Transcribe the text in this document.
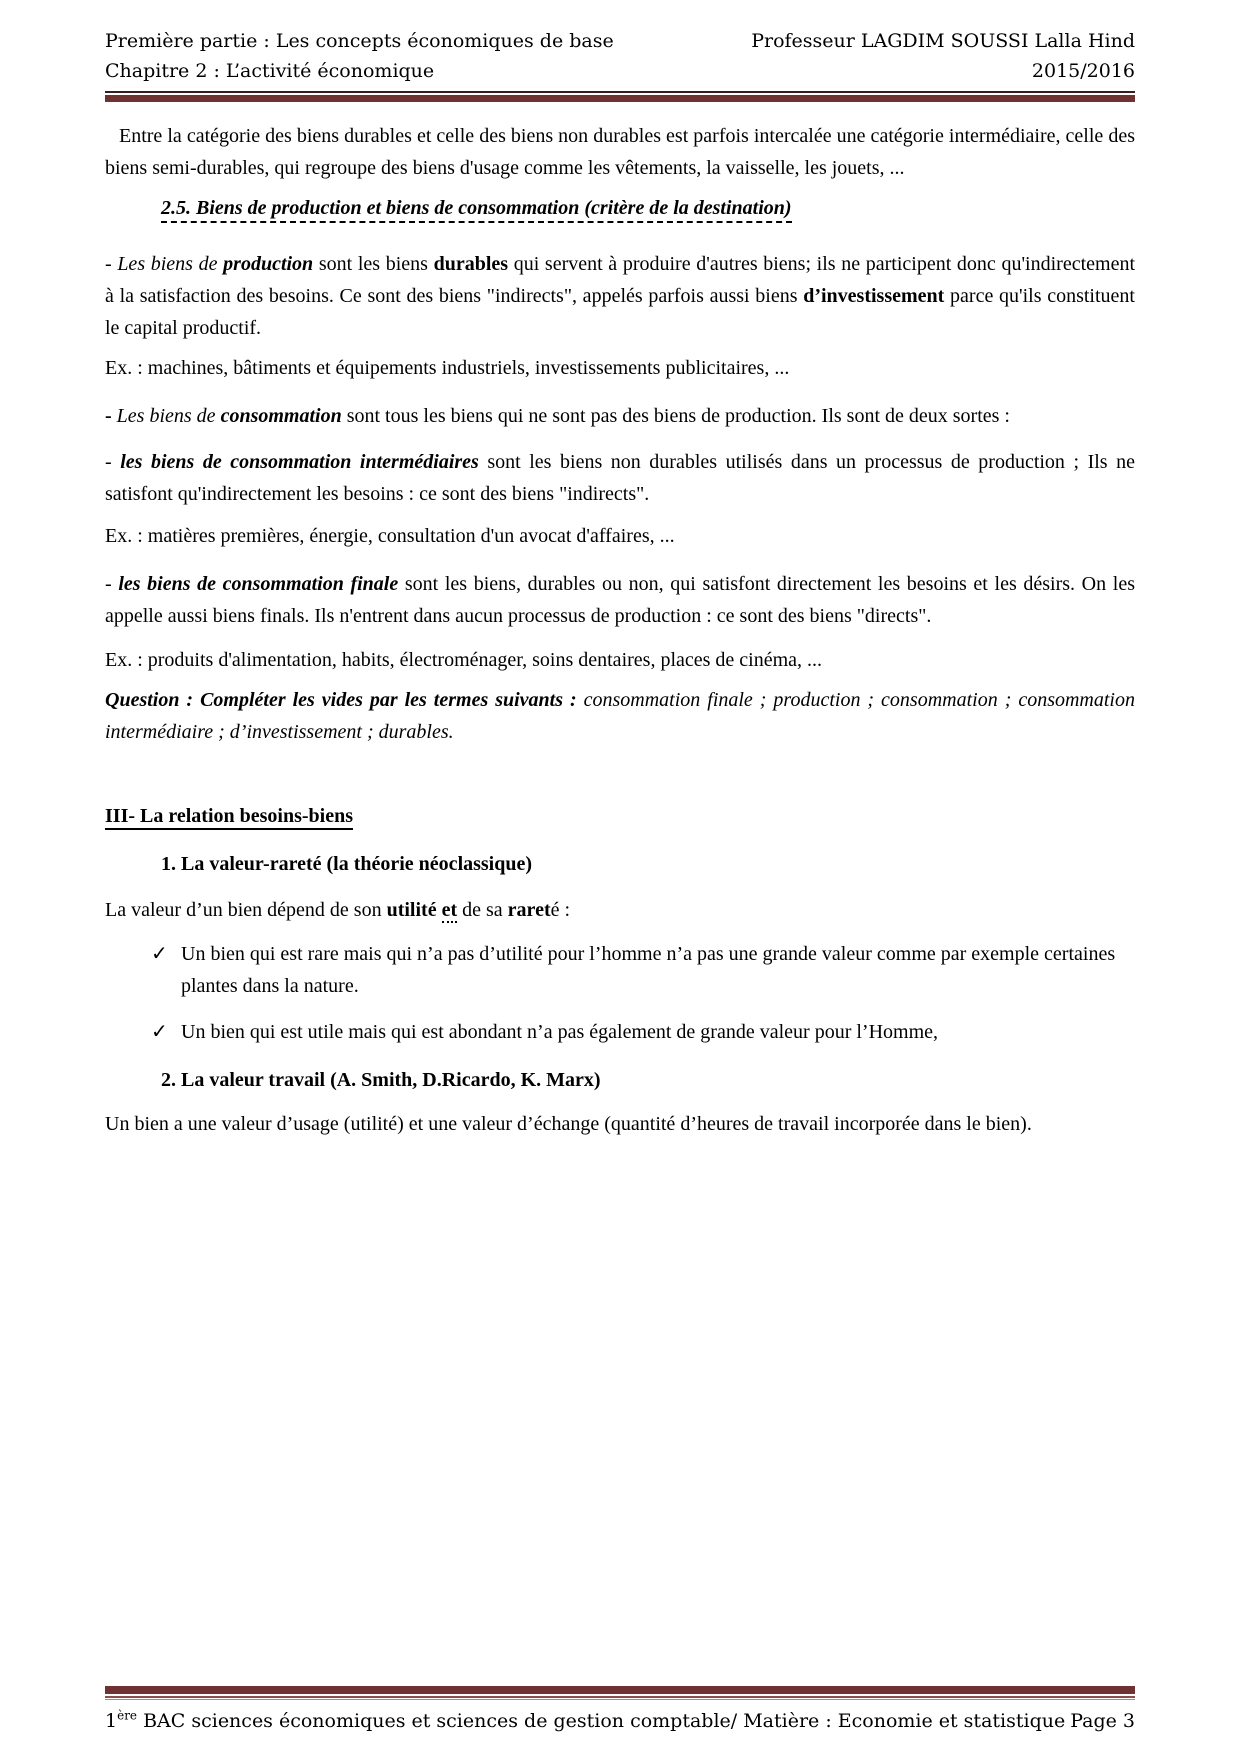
Première partie : Les concepts économiques de base
Chapitre 2 : L’activité économique
Professeur LAGDIM SOUSSI Lalla Hind
2015/2016

Entre la catégorie des biens durables et celle des biens non durables est parfois intercalée une catégorie intermédiaire, celle des biens semi-durables, qui regroupe des biens d'usage comme les vêtements, la vaisselle, les jouets, ...

2.5. Biens de production et biens de consommation (critère de la destination)

- Les biens de production sont les biens durables qui servent à produire d'autres biens; ils ne participent donc qu'indirectement à la satisfaction des besoins. Ce sont des biens "indirects", appelés parfois aussi biens d’investissement parce qu'ils constituent le capital productif.

Ex. : machines, bâtiments et équipements industriels, investissements publicitaires, ...

- Les biens de consommation sont tous les biens qui ne sont pas des biens de production. Ils sont de deux sortes :

- les biens de consommation intermédiaires sont les biens non durables utilisés dans un processus de production ; Ils ne satisfont qu'indirectement les besoins : ce sont des biens "indirects".

Ex. : matières premières, énergie, consultation d'un avocat d'affaires, ...

- les biens de consommation finale sont les biens, durables ou non, qui satisfont directement les besoins et les désirs. On les appelle aussi biens finals. Ils n'entrent dans aucun processus de production : ce sont des biens "directs".

Ex. : produits d'alimentation, habits, électroménager, soins dentaires, places de cinéma, ...

Question : Compléter les vides par les termes suivants : consommation finale ; production ; consommation ; consommation intermédiaire ; d’investissement ; durables.

III- La relation besoins-biens
1. La valeur-rareté (la théorie néoclassique)

La valeur d’un bien dépend de son utilité et de sa rareté :

✓ Un bien qui est rare mais qui n’a pas d’utilité pour l’homme n’a pas une grande valeur comme par exemple certaines plantes dans la nature.
✓ Un bien qui est utile mais qui est abondant n’a pas également de grande valeur pour l’Homme,
2. La valeur travail (A. Smith, D.Ricardo, K. Marx)

Un bien a une valeur d’usage (utilité) et une valeur d’échange (quantité d’heures de travail incorporée dans le bien).

1ère BAC sciences économiques et sciences de gestion comptable/ Matière : Economie et statistique Page 3
